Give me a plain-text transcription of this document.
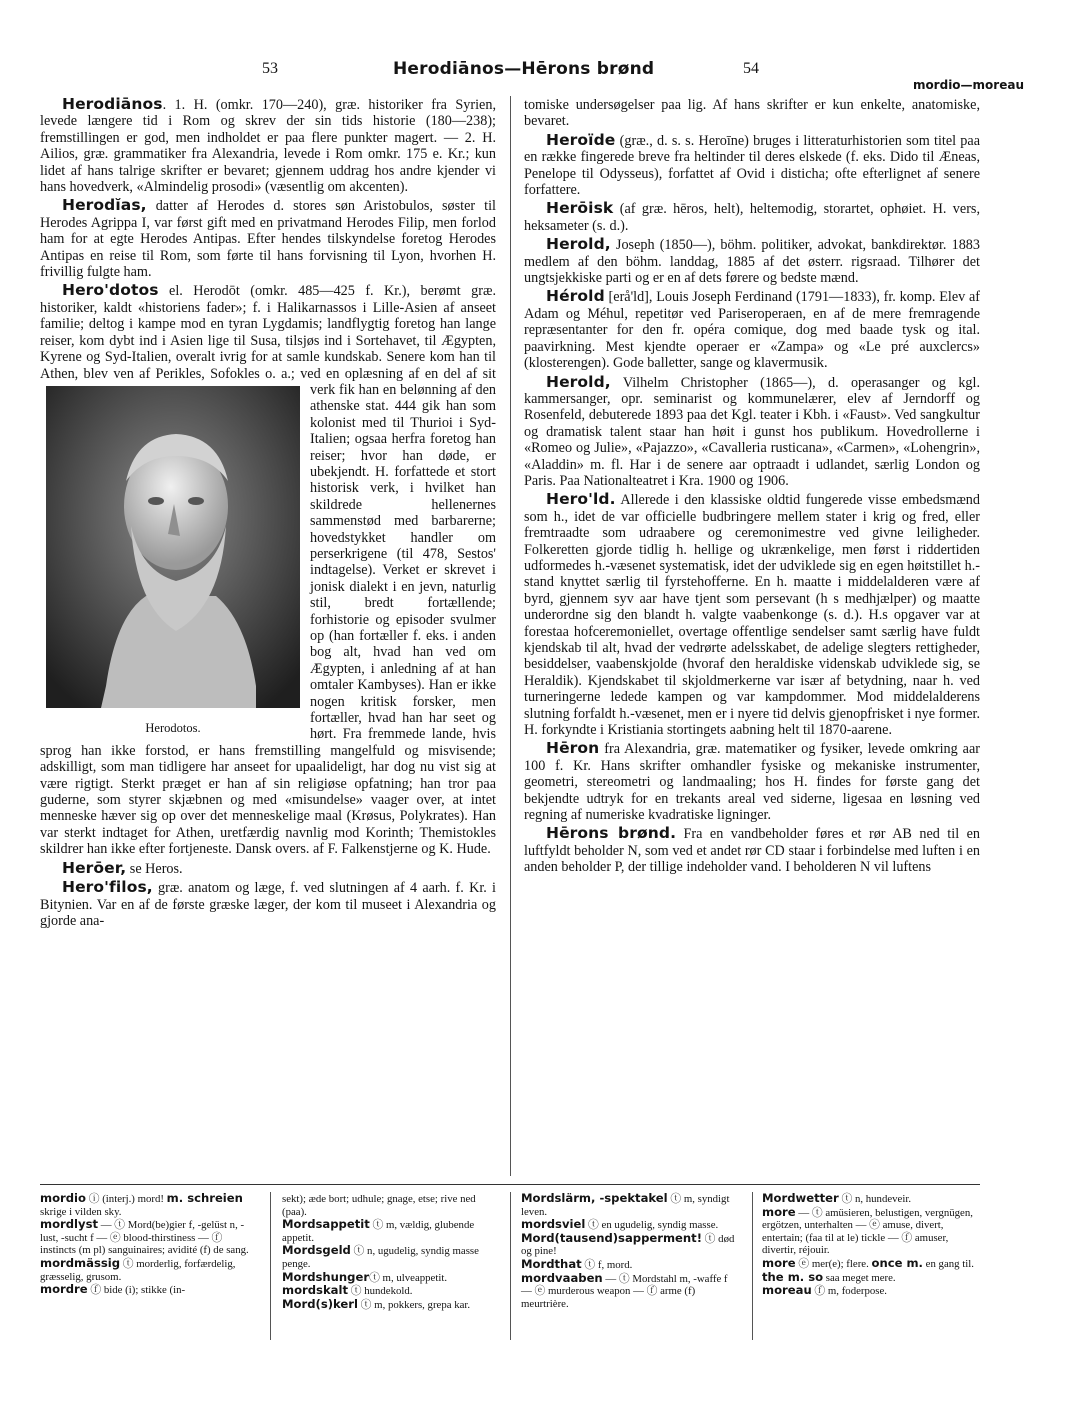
53	Herodiānos—Hērons brønd	54
mordio—moreau

Herodiānos. 1. H. (omkr. 170—240), græ. historiker fra Syrien, levede længere tid i Rom og skrev der sin tids historie (180—238); fremstillingen er god, men indholdet er paa flere punkter magert. — 2. H. Ailios, græ. grammatiker fra Alexandria, levede i Rom omkr. 175 e. Kr.; kun lidet af hans talrige skrifter er bevaret; gjennem uddrag hos andre kjender vi hans hovedverk, «Almindelig prosodi» (væsentlig om akcenten).

Herodĭas, datter af Herodes d. stores søn Aristobulos, søster til Herodes Agrippa I, var først gift med en privatmand Herodes Filip, men forlod ham for at egte Herodes Antipas. Efter hendes tilskyndelse foretog Herodes Antipas en reise til Rom, som førte til hans forvisning til Lyon, hvorhen H. frivillig fulgte ham.

Hero'dotos el. Herodōt (omkr. 485—425 f. Kr.), berømt græ. historiker, kaldt «historiens fader»; f. i Halikarnassos i Lille-Asien af anseet familie; deltog i kampe mod en tyran Lygdamis; landflygtig foretog han lange reiser, kom dybt ind i Asien lige til Susa, tilsjøs ind i Sortehavet, til Ægypten, Kyrene og Syd-Italien, overalt ivrig for at samle kundskab. Senere kom han til Athen, blev ven af Perikles, Sofokles o. a.; ved en op
Herodotos.
læsning af en del af sit verk fik han en belønning af den athenske stat. 444 gik han som kolonist med til Thurioi i Syd-Italien; ogsaa herfra foretog han reiser; hvor han døde, er ubekjendt. H. forfattede et stort historisk verk, i hvilket han skildrede hellenernes sammenstød med barbarerne; hovedstykket handler om perserkrigene (til 478, Sestos' indtagelse). Verket er skrevet i jonisk dialekt i en jevn, naturlig stil, bredt fortællende; forhistorie og episoder svulmer op (han fortæller f. eks. i anden bog alt, hvad han ved om Ægypten, i anledning af at han omtaler Kambyses). Han er ikke nogen kritisk forsker, men fortæller, hvad han har seet og hørt. Fra fremmede lande, hvis sprog han ikke forstod, er hans fremstilling mangelfuld og misvisende; adskilligt, som man tidligere har anseet for upaalideligt, har dog nu vist sig at være rigtigt. Sterkt præget er han af sin religiøse opfatning; han tror paa guderne, som styrer skjæbnen og med «misundelse» vaager over, at intet menneske hæver sig op over det menneskelige maal (Krøsus, Polykrates). Han var sterkt indtaget for Athen, uretfærdig navnlig mod Korinth; Themistokles skildrer han ikke efter fortjeneste. Dansk overs. af F. Falkenstjerne og K. Hude.

Herōer, se Heros.

Hero'filos, græ. anatom og læge, f. ved slutningen af 4 aarh. f. Kr. i Bitynien. Var en af de første græske læger, der kom til museet i Alexandria og gjorde ana-

tomiske undersøgelser paa lig. Af hans skrifter er kun enkelte, anatomiske, bevaret.

Heroïde (græ., d. s. s. Heroīne) bruges i litteraturhistorien som titel paa en række fingerede breve fra heltinder til deres elskede (f. eks. Dido til Æneas, Penelope til Odysseus), forfattet af Ovid i disticha; ofte efterlignet af senere forfattere.

Herōisk (af græ. hēros, helt), heltemodig, storartet, ophøiet. H. vers, heksameter (s. d.).

Herold, Joseph (1850—), böhm. politiker, advokat, bankdirektør. 1883 medlem af den böhm. landdag, 1885 af det østerr. rigsraad. Tilhører det ungtsjekkiske parti og er en af dets førere og bedste mænd.

Hérold [erå'ld], Louis Joseph Ferdinand (1791—1833), fr. komp. Elev af Adam og Méhul, repetitør ved Pariseroperaen, en af de mere fremragende repræsentanter for den fr. opéra comique, dog med baade tysk og ital. paavirkning. Mest kjendte operaer er «Zampa» og «Le pré auxclercs» (klosterengen). Gode balletter, sange og klavermusik.

Herold, Vilhelm Christopher (1865—), d. operasanger og kgl. kammersanger, opr. seminarist og kommunelærer, elev af Jerndorff og Rosenfeld, debuterede 1893 paa det Kgl. teater i Kbh. i «Faust». Ved sangkultur og dramatisk talent staar han høit i gunst hos publikum. Hovedrollerne i «Romeo og Julie», «Pajazzo», «Cavalleria rusticana», «Carmen», «Lohengrin», «Aladdin» m. fl. Har i de senere aar optraadt i udlandet, særlig London og Paris. Paa Nationalteatret i Kra. 1900 og 1906.

Hero'ld. Allerede i den klassiske oldtid fungerede visse embedsmænd som h., idet de var officielle budbringere mellem stater i krig og fred, eller fremtraadte som udraabere og ceremonimestre ved givne leiligheder. Folkeretten gjorde tidlig h. hellige og ukrænkelige, men først i riddertiden udformedes h.-væsenet systematisk, idet der udviklede sig en egen høitstillet h.-stand knyttet særlig til fyrstehofferne. En h. maatte i middelalderen være af byrd, gjennem syv aar have tjent som persevant (h s medhjælper) og maatte underordne sig den blandt h. valgte vaabenkonge (s. d.). H.s opgaver var at forestaa hofceremoniellet, overtage offentlige sendelser samt særlig have fuldt kjendskab til alt, hvad der vedrørte adelsskabet, de adelige slegters rettigheder, besiddelser, vaabenskjolde (hvoraf den heraldiske videnskab udviklede sig, se Heraldik). Kjendskabet til skjoldmerkerne var især af betydning, naar h. ved turneringerne ledede kampen og var kampdommer. Mod middelalderens slutning forfaldt h.-væsenet, men er i nyere tid delvis gjenopfrisket i nye former. H. forkyndte i Kristiania stortingets aabning helt til 1870-aarene.

Hēron fra Alexandria, græ. matematiker og fysiker, levede omkring aar 100 f. Kr. Hans skrifter omhandler fysiske og mekaniske instrumenter, geometri, stereometri og landmaaling; hos H. findes for første gang det bekjendte udtryk for en trekants areal ved siderne, ligesaa en løsning ved regning af numeriske kvadratiske ligninger.

Hērons brønd. Fra en vandbeholder føres et rør AB ned til en luftfyldt beholder N, som ved et andet rør CD staar i forbindelse med luften i en anden beholder P, der tillige indeholder vand. I beholderen N vil luftens

mordio ⓘ (interj.) mord! m. schreien skrige i vilden sky.
mordlyst — ⓣ Mord(be)gier f, -gelüst n, -lust, -sucht f — ⓔ blood-thirstiness — ⓕ instincts (m pl) sanguinaires; avidité (f) de sang.
mordmässig ⓣ morderlig, forfærdelig, græsselig, grusom.
mordre ⓕ bide (i); stikke (in-
sekt); æde bort; udhule; gnage, etse; rive ned (paa).
Mordsappetit ⓣ m, vældig, glubende appetit.
Mordsgeld ⓣ n, ugudelig, syndig masse penge.
Mordshungerⓣ m, ulveappetit.
mordskalt ⓣ hundekold.
Mord(s)kerl ⓣ m, pokkers, grepa kar.
Mordslärm, -spektakel ⓣ m, syndigt leven.
mordsviel ⓣ en ugudelig, syndig masse.
Mord(tausend)sapperment! ⓣ død og pine!
Mordthat ⓣ f, mord.
mordvaaben — ⓣ Mordstahl m, -waffe f — ⓔ murderous weapon — ⓕ arme (f) meurtrière.
Mordwetter ⓣ n, hundeveir.
more — ⓣ amüsieren, belustigen, vergnügen, ergötzen, unterhalten — ⓔ amuse, divert, entertain; (faa til at le) tickle — ⓕ amuser, divertir, réjouir.
more ⓔ mer(e); flere. once m. en gang til. the m. so saa meget mere.
moreau ⓕ m, foderpose.
